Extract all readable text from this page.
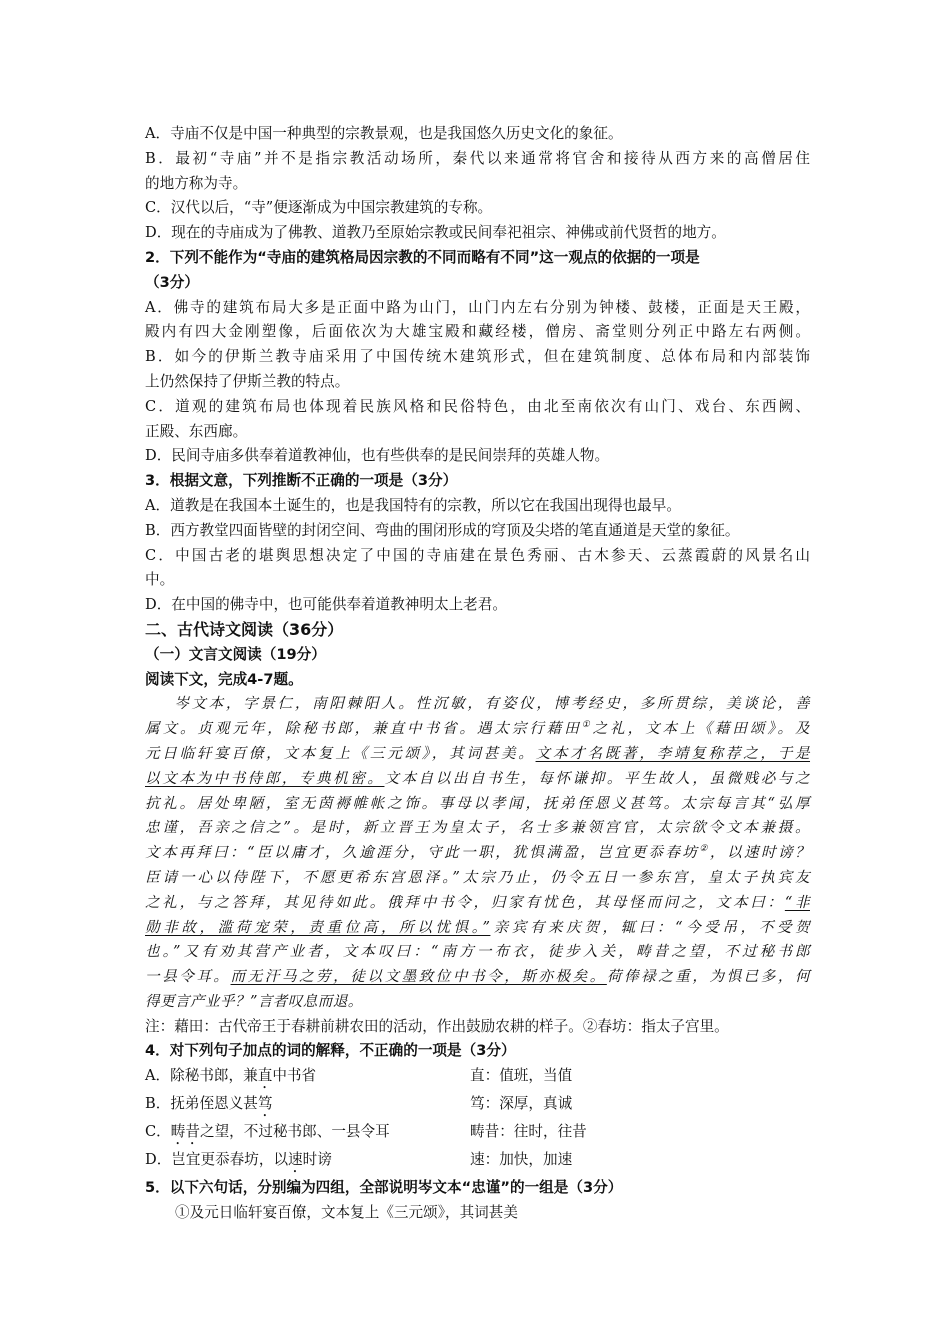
A．寺庙不仅是中国一种典型的宗教景观，也是我国悠久历史文化的象征。
B．最初“寺庙”并不是指宗教活动场所，秦代以来通常将官舍和接待从西方来的高僧居住
的地方称为寺。
C．汉代以后，“寺”便逐渐成为中国宗教建筑的专称。
D．现在的寺庙成为了佛教、道教乃至原始宗教或民间奉祀祖宗、神佛或前代贤哲的地方。
2．下列不能作为“寺庙的建筑格局因宗教的不同而略有不同”这一观点的依据的一项是
（3分）
A．佛寺的建筑布局大多是正面中路为山门，山门内左右分别为钟楼、鼓楼，正面是天王殿，
殿内有四大金刚塑像，后面依次为大雄宝殿和藏经楼，僧房、斋堂则分列正中路左右两侧。
B．如今的伊斯兰教寺庙采用了中国传统木建筑形式，但在建筑制度、总体布局和内部装饰
上仍然保持了伊斯兰教的特点。
C．道观的建筑布局也体现着民族风格和民俗特色，由北至南依次有山门、戏台、东西阙、
正殿、东西廊。
D．民间寺庙多供奉着道教神仙，也有些供奉的是民间崇拜的英雄人物。
3．根据文意，下列推断不正确的一项是（3分）
A．道教是在我国本土诞生的，也是我国特有的宗教，所以它在我国出现得也最早。
B．西方教堂四面皆壁的封闭空间、弯曲的围闭形成的穹顶及尖塔的笔直通道是天堂的象征。
C．中国古老的堪舆思想决定了中国的寺庙建在景色秀丽、古木参天、云蒸霞蔚的风景名山
中。
D．在中国的佛寺中，也可能供奉着道教神明太上老君。
二、古代诗文阅读（36分）
（一）文言文阅读（19分）
阅读下文，完成4-7题。
岑文本，字景仁，南阳棘阳人。性沉敏，有姿仪，博考经史，多所贯综，美谈论，善
属文。贞观元年，除秘书郎，兼直中书省。遇太宗行藉田①之礼，文本上《藉田颂》。及
元日临轩宴百僚，文本复上《三元颂》，其词甚美。文本才名既著，李靖复称荐之，于是
以文本为中书侍郎，专典机密。文本自以出自书生，每怀谦抑。平生故人，虽微贱必与之
抗礼。居处卑陋，室无茵褥帷帐之饰。事母以孝闻，抚弟侄恩义甚笃。太宗每言其“弘厚
忠谨，吾亲之信之”。是时，新立晋王为皇太子，名士多兼领宫官，太宗欲令文本兼摄。
文本再拜曰：“臣以庸才，久逾涯分，守此一职，犹惧满盈，岂宜更忝春坊②，以速时谤？
臣请一心以侍陛下，不愿更希东宫恩泽。”太宗乃止，仍令五日一参东宫，皇太子执宾友
之礼，与之答拜，其见待如此。俄拜中书令，归家有忧色，其母怪而问之，文本曰：“非
勋非故，滥荷宠荣，责重位高，所以忧惧。”亲宾有来庆贺，辄曰：“今受吊，不受贺
也。”又有劝其营产业者，文本叹曰：“南方一布衣，徒步入关，畴昔之望，不过秘书郎
一县令耳。而无汗马之劳，徒以文墨致位中书令，斯亦极矣。荷俸禄之重，为惧已多，何
得更言产业乎？”言者叹息而退。
注：藉田：古代帝王于春耕前耕农田的活动，作出鼓励农耕的样子。②春坊：指太子宫里。
4．对下列句子加点的词的解释，不正确的一项是（3分）
A．除秘书郎，兼直中书省	直：值班，当值
B．抚弟侄恩义甚笃	笃：深厚，真诚
C．畴昔之望，不过秘书郎、一县令耳	畴昔：往时，往昔
D．岂宜更忝春坊，以速时谤	速：加快，加速
5．以下六句话，分别编为四组，全部说明岑文本“忠谨”的一组是（3分）
①及元日临轩宴百僚，文本复上《三元颂》，其词甚美
